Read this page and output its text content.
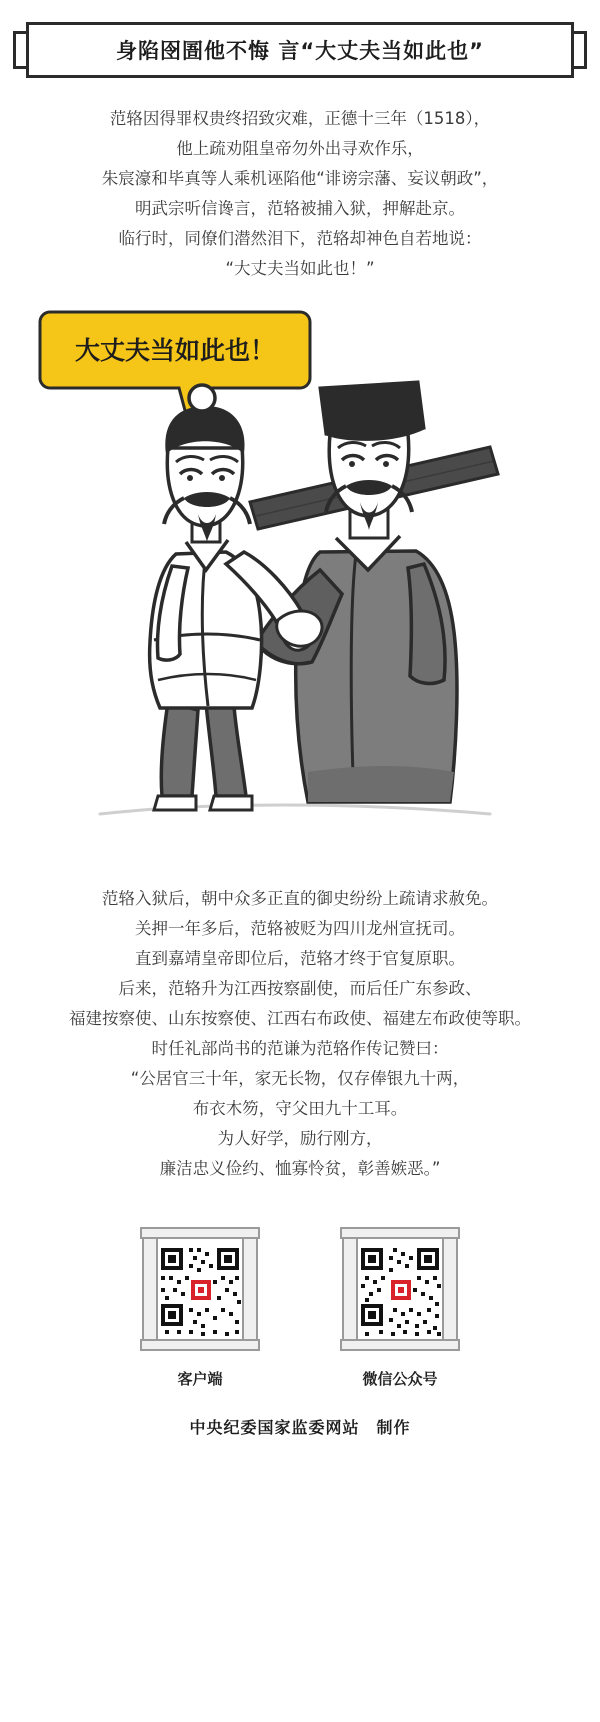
身陷囹圄他不悔 言“大丈夫当如此也”
范辂因得罪权贵终招致灾难，正德十三年（1518），
他上疏劝阻皇帝勿外出寻欢作乐，
朱宸濠和毕真等人乘机诬陷他“诽谤宗藩、妄议朝政”，
明武宗听信谗言，范辂被捕入狱，押解赴京。
临行时，同僚们潜然泪下，范辂却神色自若地说：
“大丈夫当如此也！”
大丈夫当如此也！
范辂入狱后，朝中众多正直的御史纷纷上疏请求赦免。
关押一年多后，范辂被贬为四川龙州宣抚司。
直到嘉靖皇帝即位后，范辂才终于官复原职。
后来，范辂升为江西按察副使，而后任广东参政、
福建按察使、山东按察使、江西右布政使、福建左布政使等职。
时任礼部尚书的范谦为范辂作传记赞曰：
“公居官三十年，家无长物，仅存俸银九十两，
布衣木笏，守父田九十工耳。
为人好学，励行刚方，
廉洁忠义俭约、恤寡怜贫，彰善嫉恶。”
客户端	微信公众号
中央纪委国家监委网站　制作
